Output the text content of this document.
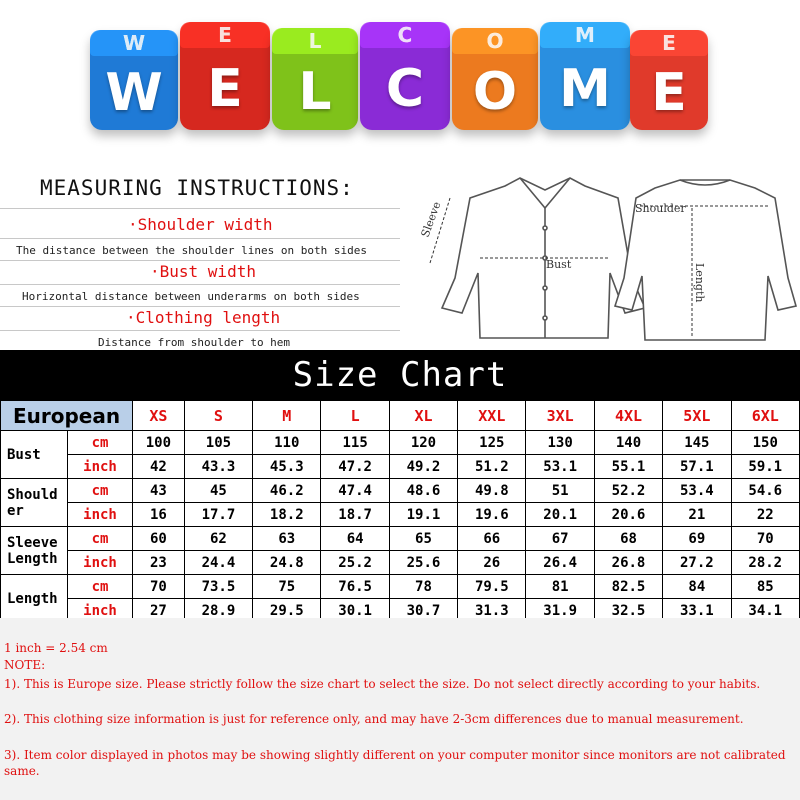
W
W
E
E
L
L
C
C
O
O
M
M
E
E
MEASURING INSTRUCTIONS:
·Shoulder width
The distance between the shoulder lines on both sides
·Bust width
Horizontal distance between underarms on both sides
·Clothing length
Distance from shoulder to hem
Sleeve
Bust
Shoulder
Length
Size Chart
European		XS	S	M	L	XL	XXL	3XL	4XL	5XL	6XL
Bust	cm	100	105	110	115	120	125	130	140	145	150
	inch	42	43.3	45.3	47.2	49.2	51.2	53.1	55.1	57.1	59.1
Should er	cm	43	45	46.2	47.4	48.6	49.8	51	52.2	53.4	54.6
	inch	16	17.7	18.2	18.7	19.1	19.6	20.1	20.6	21	22
Sleeve Length	cm	60	62	63	64	65	66	67	68	69	70
	inch	23	24.4	24.8	25.2	25.6	26	26.4	26.8	27.2	28.2
Length	cm	70	73.5	75	76.5	78	79.5	81	82.5	84	85
	inch	27	28.9	29.5	30.1	30.7	31.3	31.9	32.5	33.1	34.1
1 inch = 2.54 cm
NOTE:
1). This is Europe size. Please strictly follow the size chart to select the size. Do not select directly according to your habits.
2). This clothing size information is just for reference only, and may have 2-3cm differences due to manual measurement.
3). Item color displayed in photos may be showing slightly different on your computer monitor since monitors are not calibrated same.
